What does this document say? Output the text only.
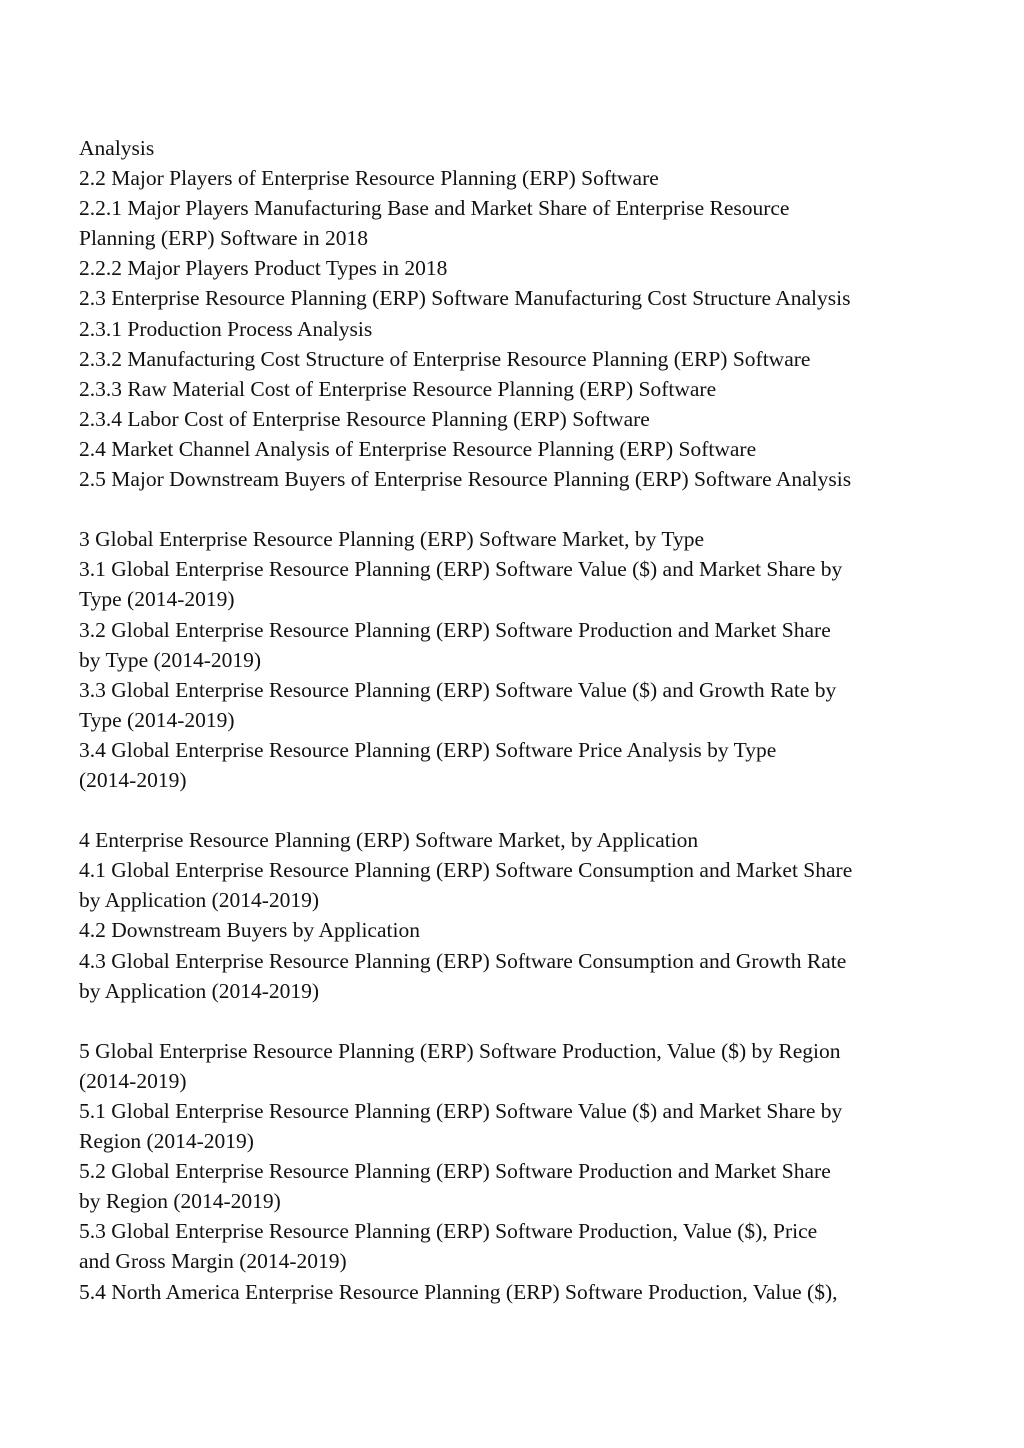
Analysis
2.2 Major Players of Enterprise Resource Planning (ERP) Software
2.2.1 Major Players Manufacturing Base and Market Share of Enterprise Resource
Planning (ERP) Software in 2018
2.2.2 Major Players Product Types in 2018
2.3 Enterprise Resource Planning (ERP) Software Manufacturing Cost Structure Analysis
2.3.1 Production Process Analysis
2.3.2 Manufacturing Cost Structure of Enterprise Resource Planning (ERP) Software
2.3.3 Raw Material Cost of Enterprise Resource Planning (ERP) Software
2.3.4 Labor Cost of Enterprise Resource Planning (ERP) Software
2.4 Market Channel Analysis of Enterprise Resource Planning (ERP) Software
2.5 Major Downstream Buyers of Enterprise Resource Planning (ERP) Software Analysis
3 Global Enterprise Resource Planning (ERP) Software Market, by Type
3.1 Global Enterprise Resource Planning (ERP) Software Value ($) and Market Share by
Type (2014-2019)
3.2 Global Enterprise Resource Planning (ERP) Software Production and Market Share
by Type (2014-2019)
3.3 Global Enterprise Resource Planning (ERP) Software Value ($) and Growth Rate by
Type (2014-2019)
3.4 Global Enterprise Resource Planning (ERP) Software Price Analysis by Type
(2014-2019)
4 Enterprise Resource Planning (ERP) Software Market, by Application
4.1 Global Enterprise Resource Planning (ERP) Software Consumption and Market Share
by Application (2014-2019)
4.2 Downstream Buyers by Application
4.3 Global Enterprise Resource Planning (ERP) Software Consumption and Growth Rate
by Application (2014-2019)
5 Global Enterprise Resource Planning (ERP) Software Production, Value ($) by Region
(2014-2019)
5.1 Global Enterprise Resource Planning (ERP) Software Value ($) and Market Share by
Region (2014-2019)
5.2 Global Enterprise Resource Planning (ERP) Software Production and Market Share
by Region (2014-2019)
5.3 Global Enterprise Resource Planning (ERP) Software Production, Value ($), Price
and Gross Margin (2014-2019)
5.4 North America Enterprise Resource Planning (ERP) Software Production, Value ($),
